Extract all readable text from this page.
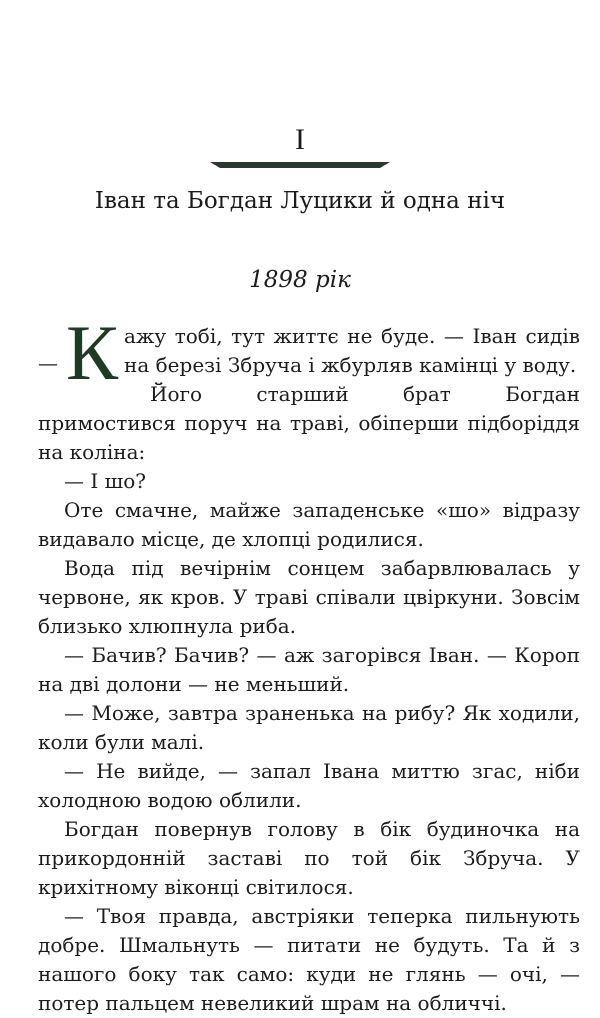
I
Іван та Богдан Луцики й одна ніч
1898 рік

— К ажу тобі, тут життє не буде. — Іван сидів на березі Збруча і жбурляв камінці у воду.

Його старший брат Богдан примостився поруч на траві, обіперши підборіддя на коліна:

— І шо?

Оте смачне, майже западенське «шо» відразу видавало місце, де хлопці родилися.

Вода під вечірнім сонцем забарвлювалась у червоне, як кров. У траві співали цвіркуни. Зовсім близько хлюпнула риба.

— Бачив? Бачив? — аж загорівся Іван. — Короп на дві долони — не меньший.

— Може, завтра зраненька на рибу? Як ходили, коли були малі.

— Не вийде, — запал Івана миттю згас, ніби холодною водою облили.

Богдан повернув голову в бік будиночка на прикордонній заставі по той бік Збруча. У крихітному віконці світилося.

— Твоя правда, австріяки теперка пильнують добре. Шмальнуть — питати не будуть. Та й з нашого боку так само: куди не глянь — очі, — потер пальцем невеликий шрам на обличчі.
